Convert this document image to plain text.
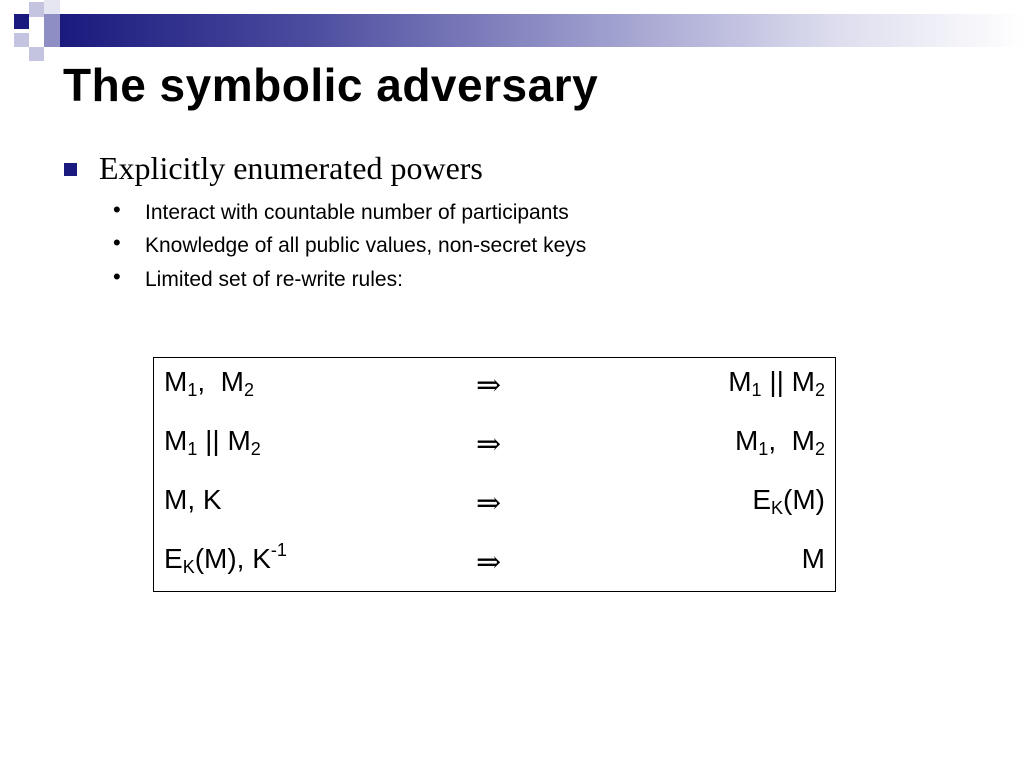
The symbolic adversary
Explicitly enumerated powers
•	Interact with countable number of participants
•	Knowledge of all public values, non-secret keys
•	Limited set of re-write rules:
$M_1$,  $M_2$	⇒	$M_1$ || $M_2$
$M_1$ || $M_2$	⇒	$M_1$,  $M_2$
M, K	⇒	$E_K(M)$
$E_K(M)$, $K^{-1}$	⇒	M
